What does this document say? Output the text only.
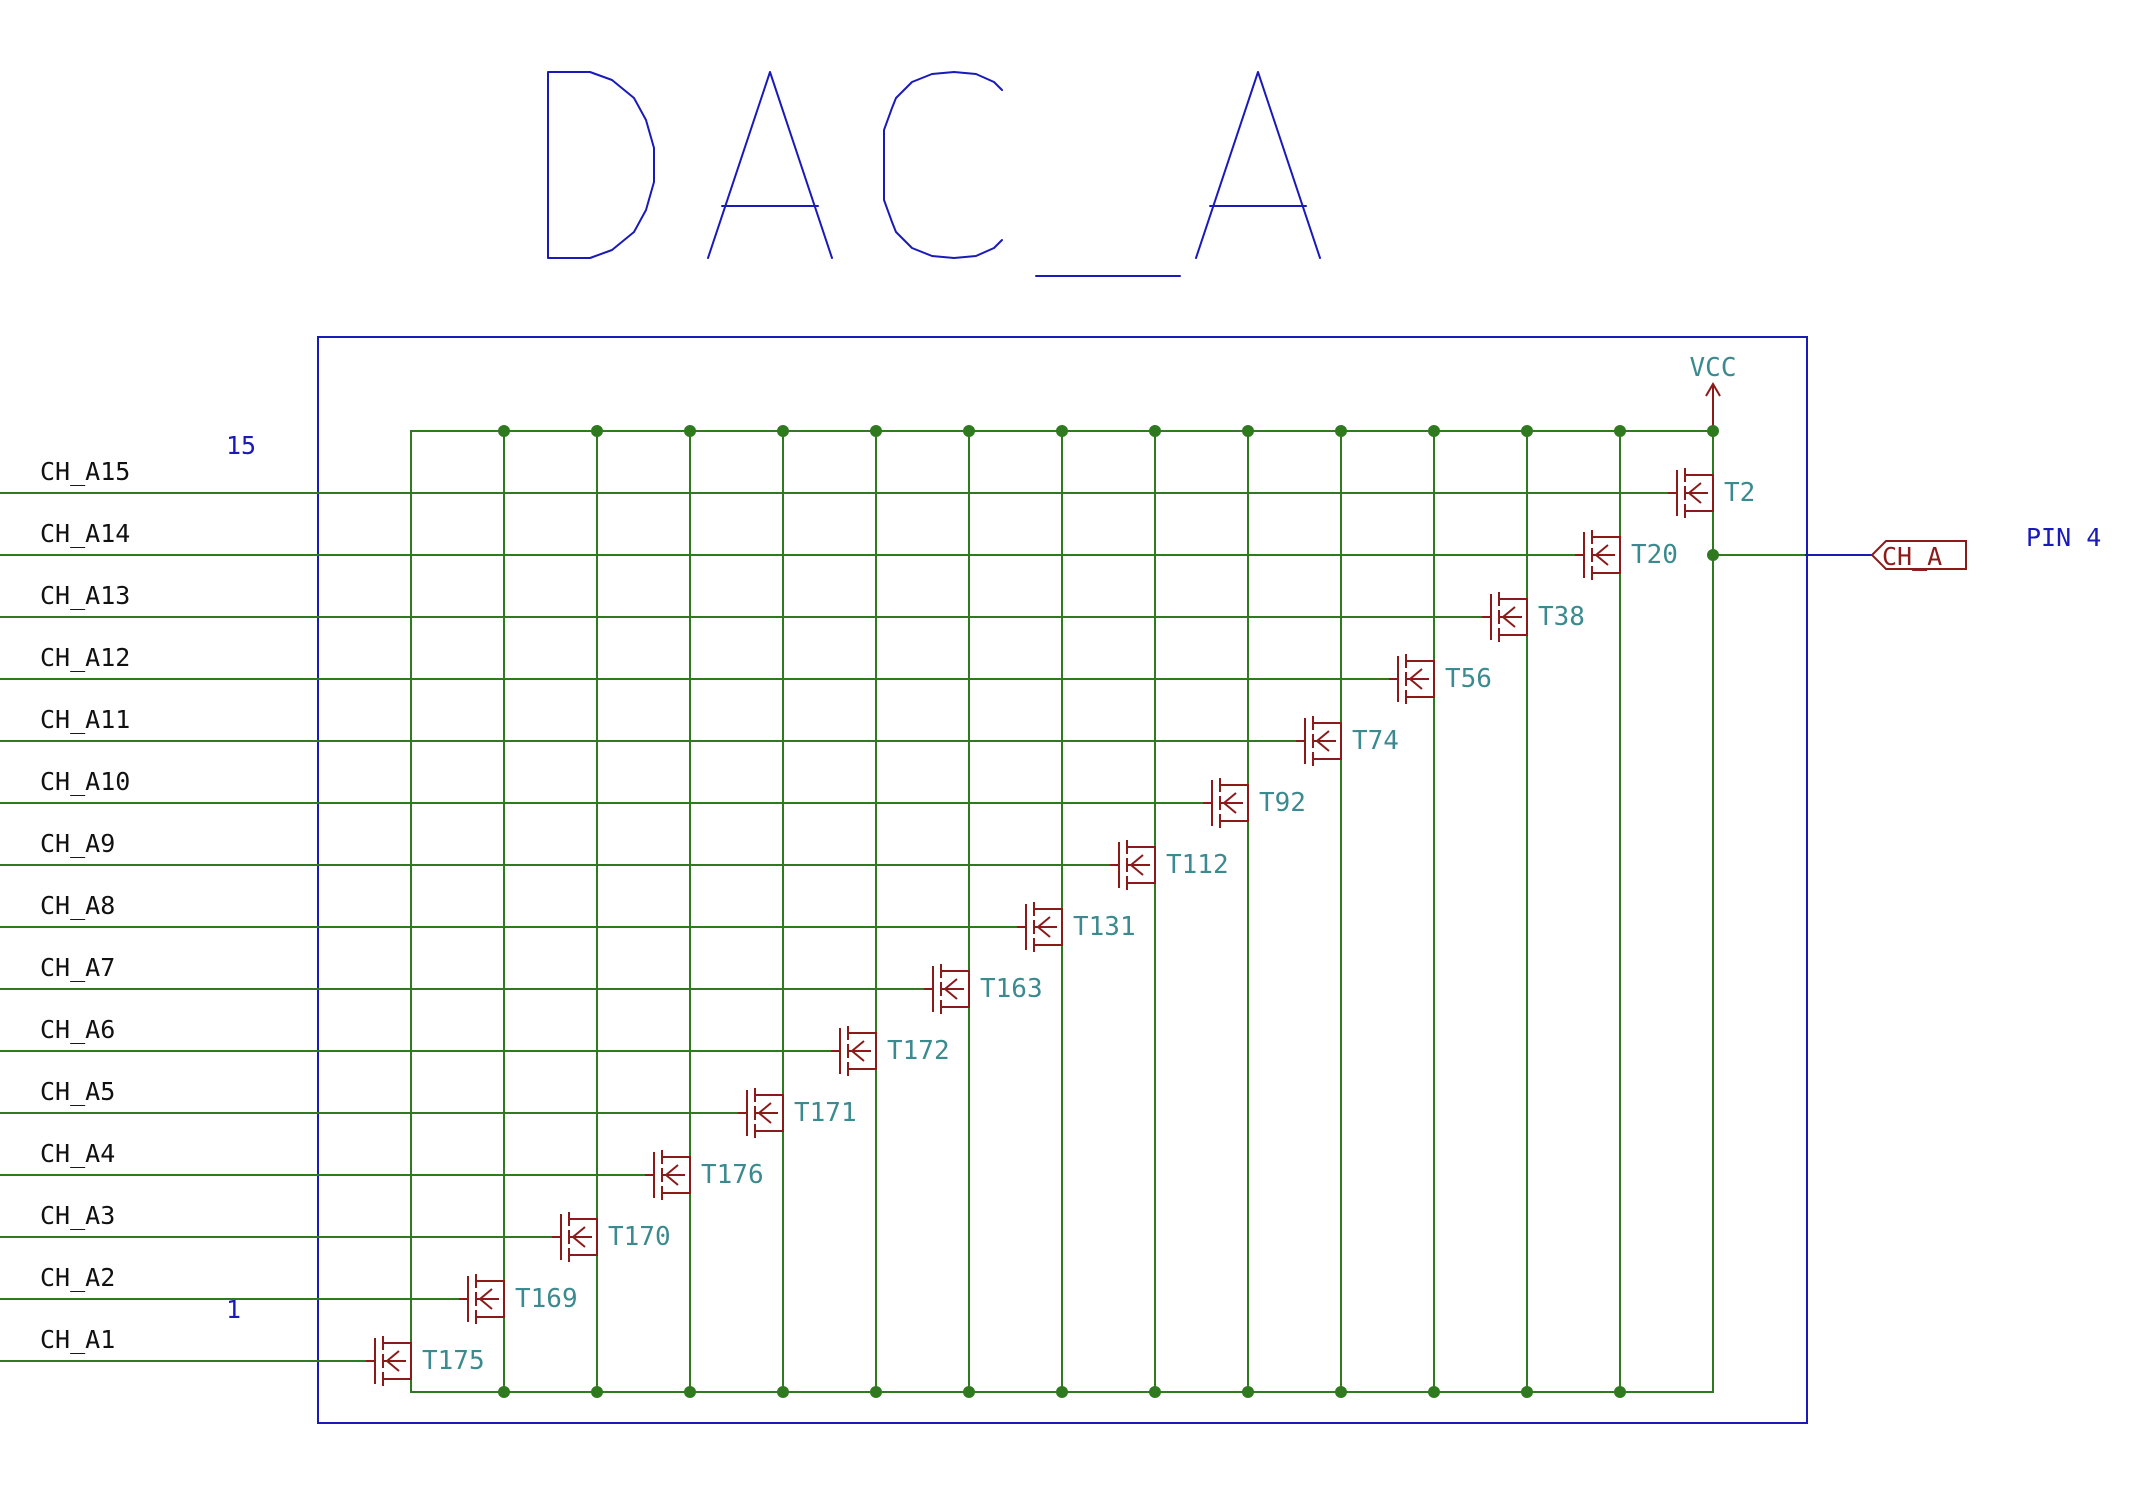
VCC
CH_A
15
1
PIN 4
CH_A15
T2
CH_A14
T20
CH_A13
T38
CH_A12
T56
CH_A11
T74
CH_A10
T92
CH_A9
T112
CH_A8
T131
CH_A7
T163
CH_A6
T172
CH_A5
T171
CH_A4
T176
CH_A3
T170
CH_A2
T169
CH_A1
T175
